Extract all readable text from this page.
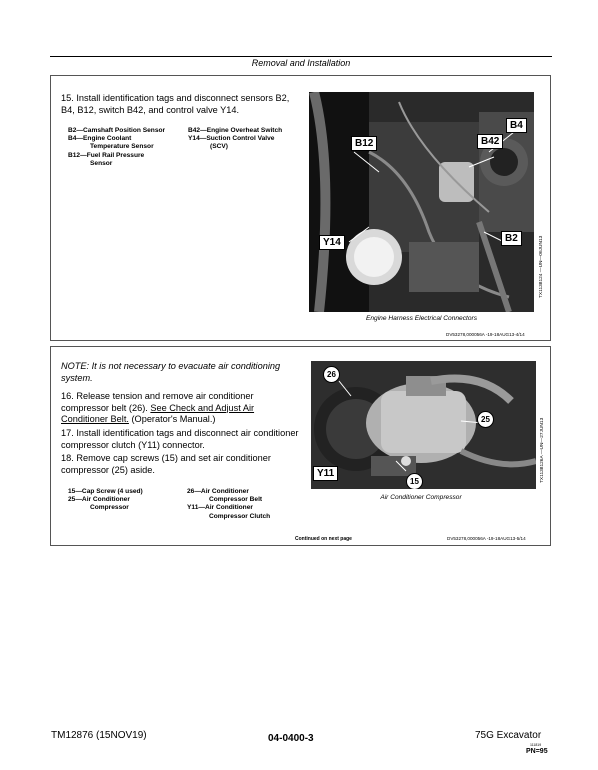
Removal and Installation
15. Install identification tags and disconnect sensors B2, B4, B12, switch B42, and control valve Y14.
B2—Camshaft Position Sensor
B4—Engine Coolant
Temperature Sensor
B12—Fuel Rail Pressure
Sensor
B42—Engine Overheat Switch
Y14—Suction Control Valve
(SCV)
B4
B42
B12
Y14	B2	TX1138124 —UN—06JUN13
Engine Harness Electrical Connectors
DV53278,000056A -19-18AUG13-4/14
NOTE: It is not necessary to evacuate air conditioning system.
16. Release tension and remove air conditioner compressor belt (26). See Check and Adjust Air Conditioner Belt. (Operator's Manual.)
17. Install identification tags and disconnect air conditioner compressor clutch (Y11) connector.
18. Remove cap screws (15) and set air conditioner compressor (25) aside.
15—Cap Screw (4 used)
25—Air Conditioner
Compressor
26—Air Conditioner
Compressor Belt
Y11—Air Conditioner
Compressor Clutch
26
25
15
Y11	TX1138126A —UN—27JUN13
Air Conditioner Compressor
Continued on next page	DV53278,000056A -19-18AUG13-5/14
TM12876 (15NOV19)	04-0400-3	75G Excavator
111819
PN=95
